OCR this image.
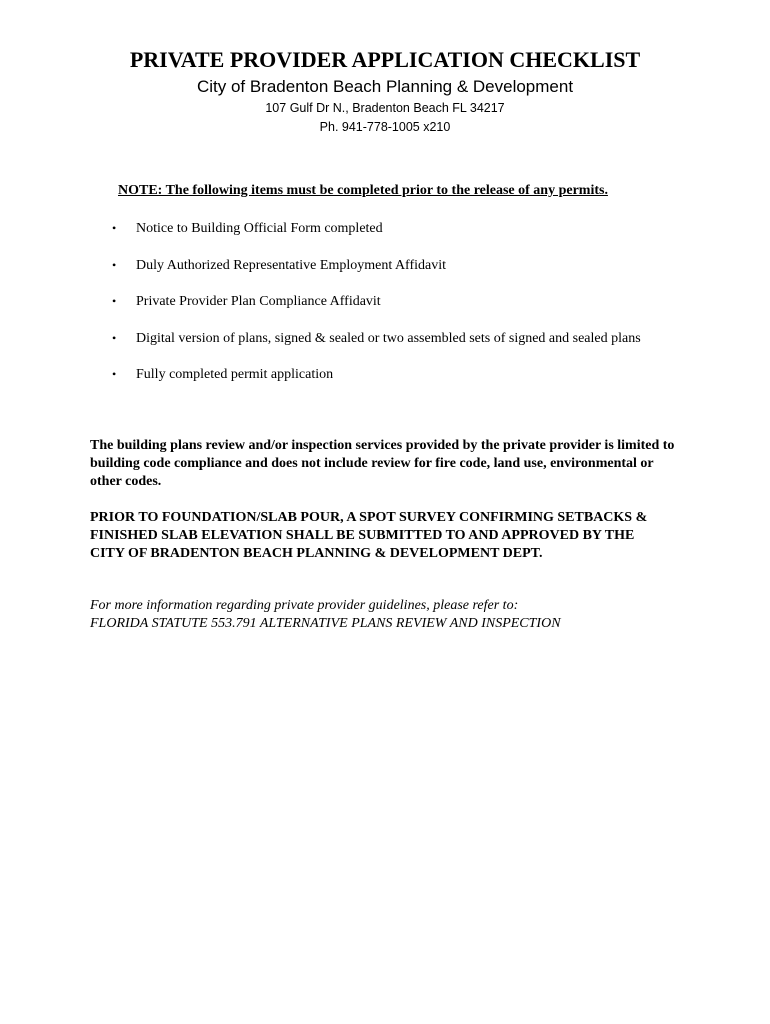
PRIVATE PROVIDER APPLICATION CHECKLIST
City of Bradenton Beach Planning & Development
107 Gulf Dr N., Bradenton Beach FL 34217
Ph. 941-778-1005 x210
NOTE: The following items must be completed prior to the release of any permits.
• Notice to Building Official Form completed
• Duly Authorized Representative Employment Affidavit
• Private Provider Plan Compliance Affidavit
• Digital version of plans, signed & sealed or two assembled sets of signed and sealed plans
• Fully completed permit application
The building plans review and/or inspection services provided by the private provider is limited to
building code compliance and does not include review for fire code, land use, environmental or
other codes.
PRIOR TO FOUNDATION/SLAB POUR, A SPOT SURVEY CONFIRMING SETBACKS &
FINISHED SLAB ELEVATION SHALL BE SUBMITTED TO AND APPROVED BY THE
CITY OF BRADENTON BEACH PLANNING & DEVELOPMENT DEPT.
For more information regarding private provider guidelines, please refer to:
FLORIDA STATUTE 553.791 ALTERNATIVE PLANS REVIEW AND INSPECTION
